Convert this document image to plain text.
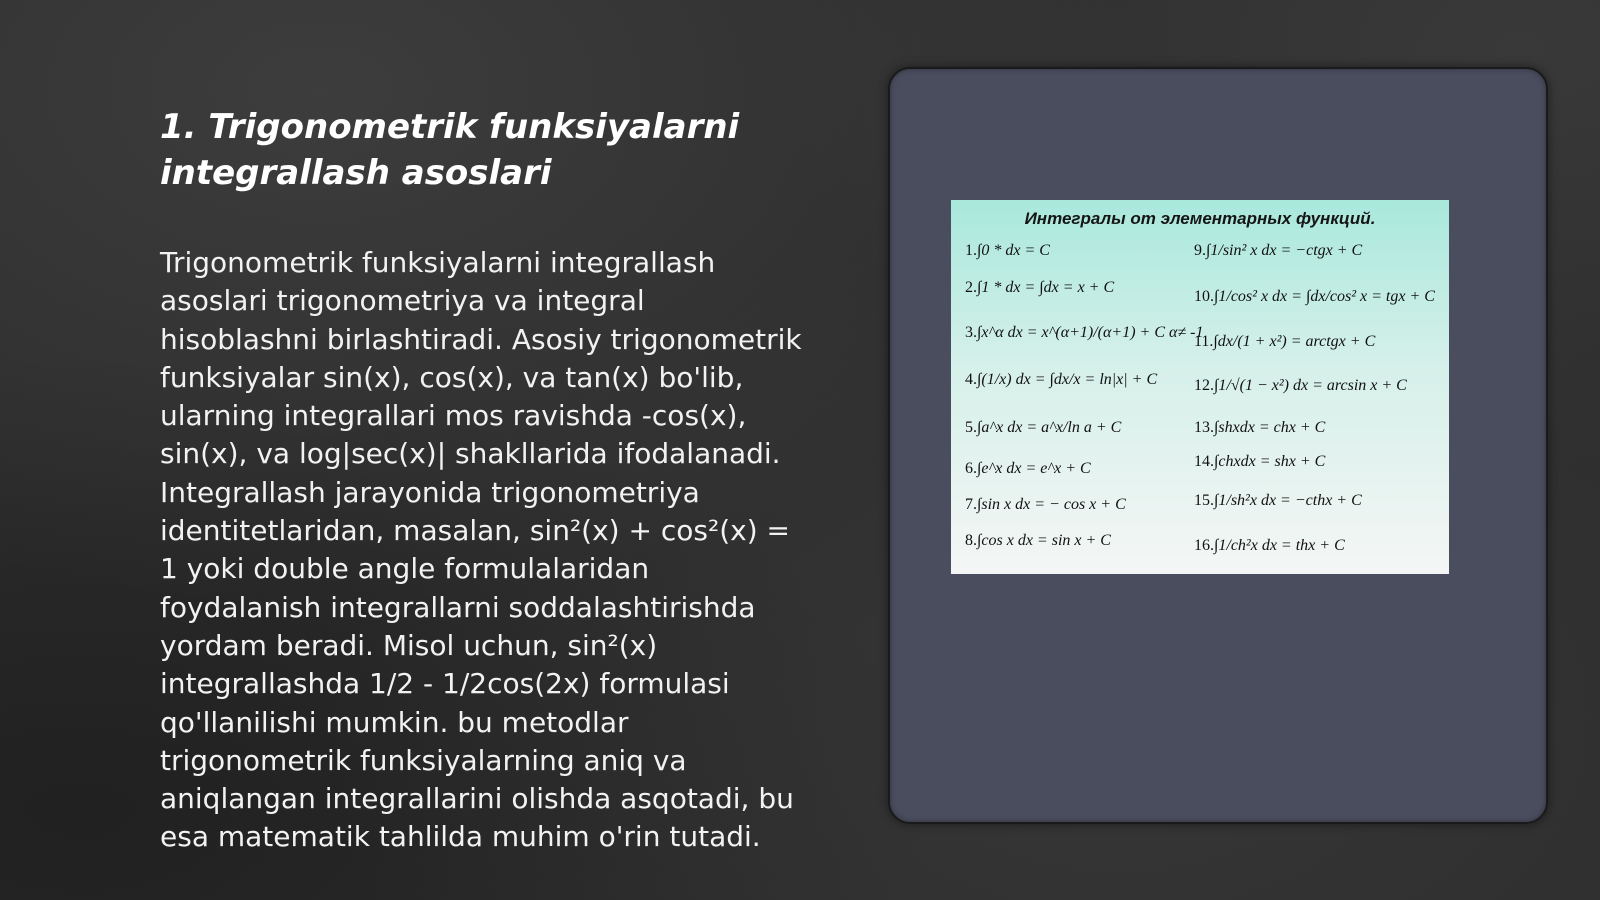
1. Trigonometrik funksiyalarni integrallash asoslari

Trigonometrik funksiyalarni integrallash asoslari trigonometriya va integral hisoblashni birlashtiradi. Asosiy trigonometrik funksiyalar sin(x), cos(x), va tan(x) bo'lib, ularning integrallari mos ravishda -cos(x), sin(x), va log|sec(x)| shakllarida ifodalanadi. Integrallash jarayonida trigonometriya identitetlaridan, masalan, sin²(x) + cos²(x) = 1 yoki double angle formulalaridan foydalanish integrallarni soddalashtirishda yordam beradi. Misol uchun, sin²(x) integrallashda 1/2 - 1/2cos(2x) formulasi qo'llanilishi mumkin. bu metodlar trigonometrik funksiyalarning aniq va aniqlangan integrallarini olishda asqotadi, bu esa matematik tahlilda muhim o'rin tutadi.

Интегралы от элементарных функций.
1.∫0 * dx = C
2.∫1 * dx = ∫dx = x + C
3.∫x^α dx = x^(α+1)/(α+1) + C α≠ -1
4.∫(1/x) dx = ∫dx/x = ln|x| + C
5.∫a^x dx = a^x/ln a + C
6.∫e^x dx = e^x + C
7.∫sin x dx = − cos x + C
8.∫cos x dx = sin x + C
9.∫1/sin² x dx = −ctgx + C
10.∫1/cos² x dx = ∫dx/cos² x = tgx + C
11.∫dx/(1 + x²) = arctgx + C
12.∫1/√(1 − x²) dx = arcsin x + C
13.∫shxdx = chx + C
14.∫chxdx = shx + C
15.∫1/sh²x dx = −cthx + C
16.∫1/ch²x dx = thx + C
